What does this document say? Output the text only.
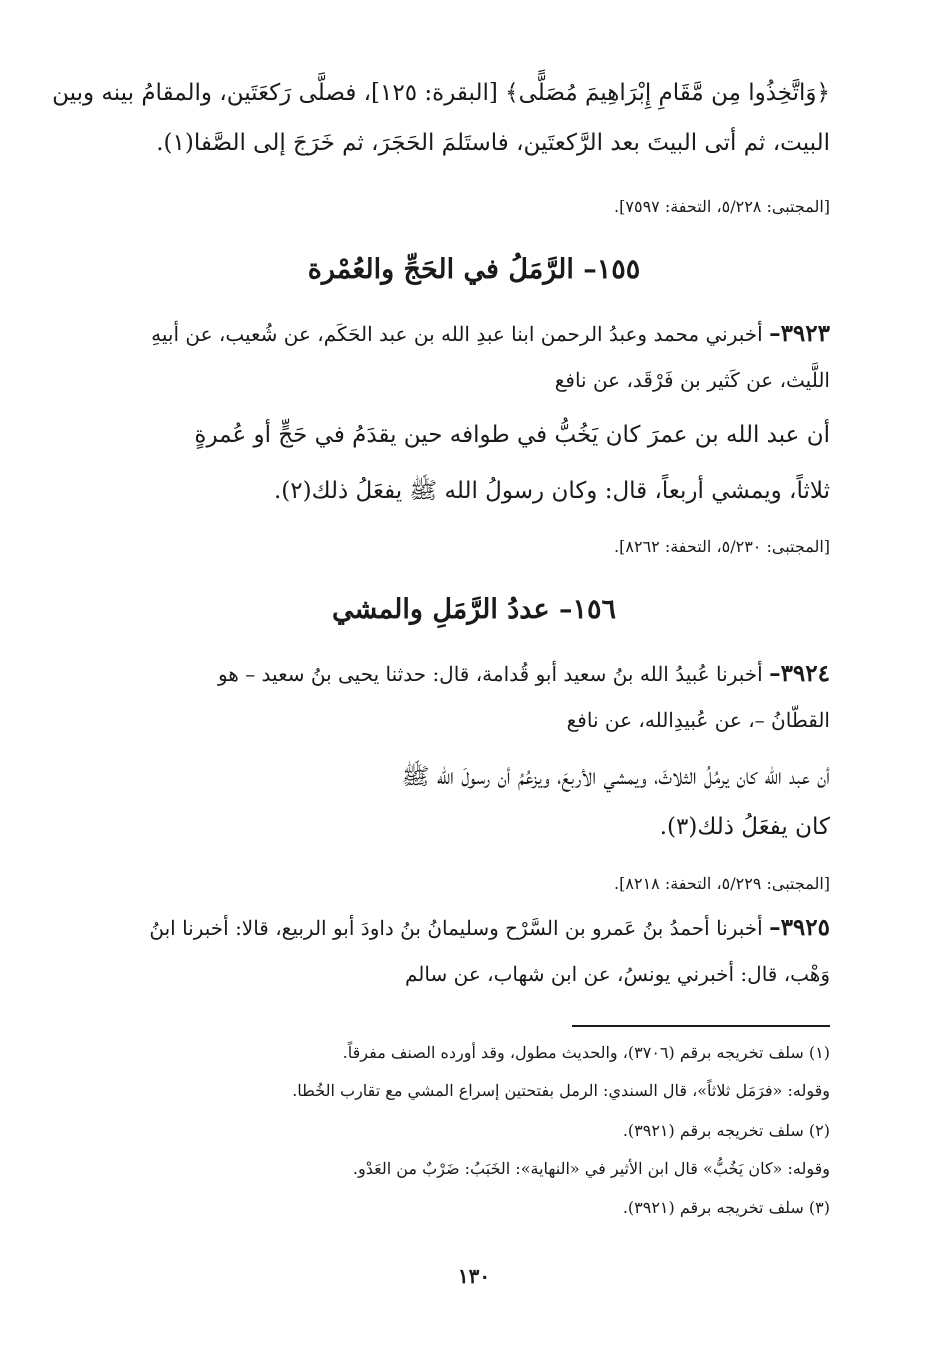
﴿وَاتَّخِذُوا مِن مَّقَامِ إِبْرَاهِيمَ مُصَلًّى﴾ [البقرة: ١٢٥]، فصلَّى رَكعَتَين، والمقامُ بينه وبين
البيت، ثم أتى البيتَ بعد الرَّكعتَين، فاستَلمَ الحَجَرَ، ثم خَرَجَ إلى الصَّفا(١).
[المجتبى: ٥/٢٢٨، التحفة: ٧٥٩٧].
١٥٥– الرَّمَلُ في الحَجِّ والعُمْرة
٣٩٢٣– أخبرني محمد وعبدُ الرحمن ابنا عبدِ الله بن عبد الحَكَم، عن شُعيب، عن أبيهِ
اللَّيث، عن كَثير بن فَرْقَد، عن نافع
أن عبد الله بن عمرَ كان يَخُبُّ في طوافه حين يقدَمُ في حَجٍّ أو عُمرةٍ
ثلاثاً، ويمشي أربعاً، قال: وكان رسولُ الله ﷺ يفعَلُ ذلك(٢).
[المجتبى: ٥/٢٣٠، التحفة: ٨٢٦٢].
١٥٦– عددُ الرَّمَلِ والمشي
٣٩٢٤– أخبرنا عُبيدُ الله بنُ سعيد أبو قُدامة، قال: حدثنا يحيى بنُ سعيد – هو
القطّانُ –، عن عُبيدِالله، عن نافع
أن عبد الله كان يرمُلُ الثلاثَ، ويمشي الأربعَ، ويزعُمُ أن رسولَ الله ﷺ
كان يفعَلُ ذلك(٣).
[المجتبى: ٥/٢٢٩، التحفة: ٨٢١٨].
٣٩٢٥– أخبرنا أحمدُ بنُ عَمرو بن السَّرْح وسليمانُ بنُ داودَ أبو الربيع، قالا: أخبرنا ابنُ
وَهْب، قال: أخبرني يونسُ، عن ابن شهاب، عن سالم
(١) سلف تخريجه برقم (٣٧٠٦)، والحديث مطول، وقد أورده الصنف مفرقاً.
وقوله: «فرَمَل ثلاثاً»، قال السندي: الرمل بفتحتين إسراع المشي مع تقارب الخُطا.
(٢) سلف تخريجه برقم (٣٩٢١).
وقوله: «كان يَخُبُّ» قال ابن الأثير في «النهاية»: الخَبَبُ: ضَرْبٌ من العَدْو.
(٣) سلف تخريجه برقم (٣٩٢١).
١٣٠
